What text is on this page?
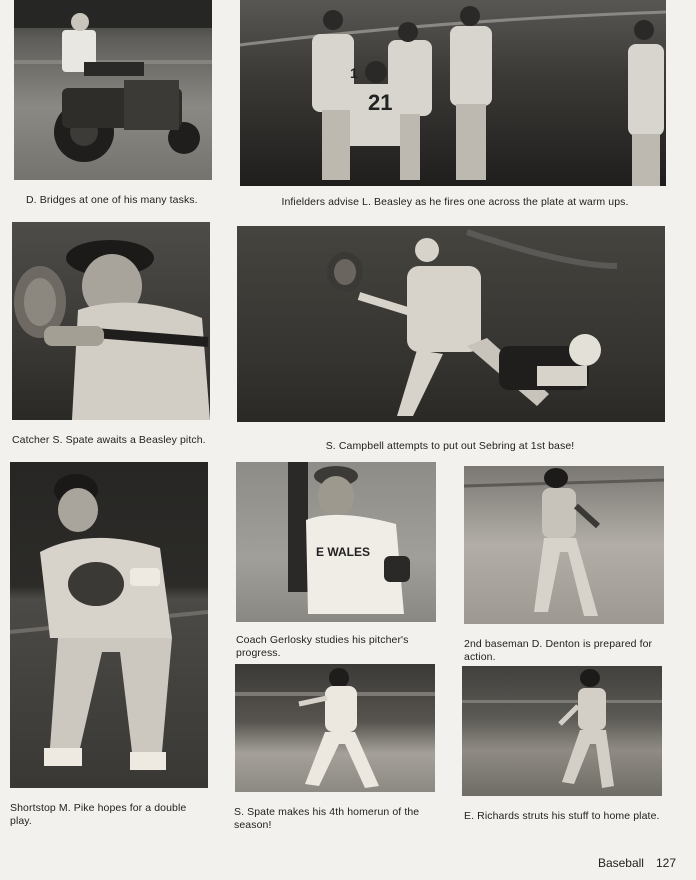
D. Bridges at one of his many tasks.
1
21
Infielders advise L. Beasley as he fires one across the plate at warm ups.
Catcher S. Spate awaits a Beasley pitch.	S. Campbell attempts to put out Sebring at 1st base!
Shortstop M. Pike hopes for a double play.
E WALES
Coach Gerlosky studies his pitcher's progress.
2nd baseman D. Denton is prepared for action.
S. Spate makes his 4th homerun of the season!
E. Richards struts his stuff to home plate.
Baseball 127
